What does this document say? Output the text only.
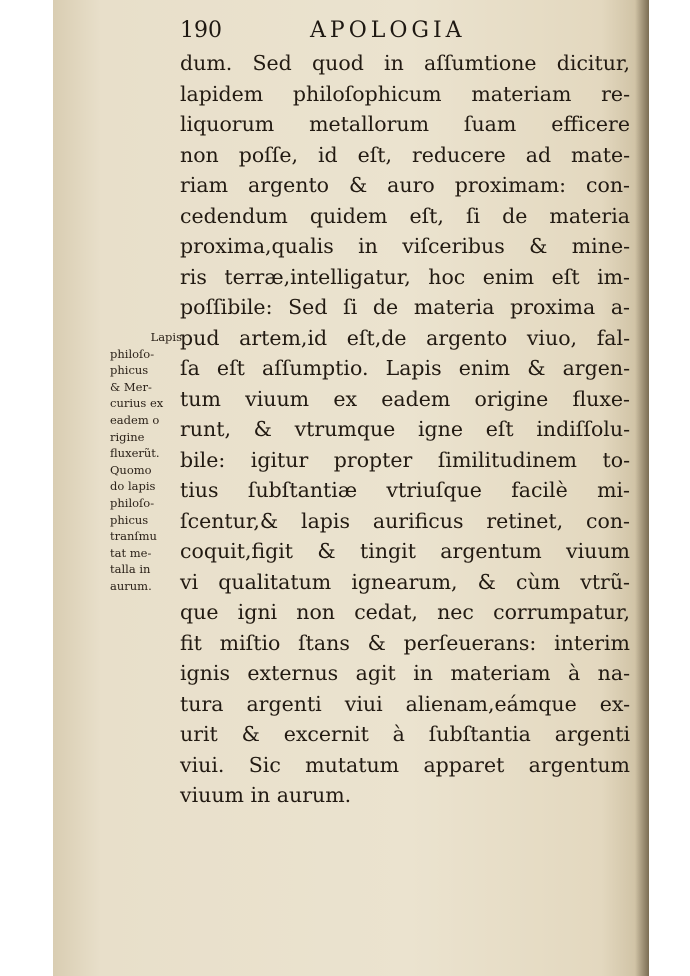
190	APOLOGIA
dum. Sed quod in aſſumtione dicitur,
lapidem philoſophicum materiam re-
liquorum metallorum ſuam efficere
non poſſe, id eſt, reducere ad mate-
riam argento & auro proximam: con-
cedendum quidem eſt, ſi de materia
proxima,qualis in viſceribus & mine-
ris terræ,intelligatur, hoc enim eſt im-
poſſibile: Sed ſi de materia proxima a-
pud artem,id eſt,de argento viuo, fal-
ſa eſt aſſumptio. Lapis enim & argen-
tum viuum ex eadem origine fluxe-
runt, & vtrumque igne eſt indiſſolu-
bile: igitur propter ſimilitudinem to-
tius ſubſtantiæ vtriuſque facilè mi-
ſcentur,& lapis aurificus retinet, con-
coquit,figit & tingit argentum viuum
vi qualitatum ignearum, & cùm vtrũ-
que igni non cedat, nec corrumpatur,
fit miſtio ſtans & perſeuerans: interim
ignis externus agit in materiam à na-
tura argenti viui alienam,eámque ex-
urit & excernit à ſubſtantia argenti
viui. Sic mutatum apparet argentum
viuum in aurum.
Lapis
philoſo-
phicus
& Mer-
curius ex
eadem o
rigine
fluxerũt.
Quomo
do lapis
philoſo-
phicus
tranſmu
tat me-
talla in
aurum.
